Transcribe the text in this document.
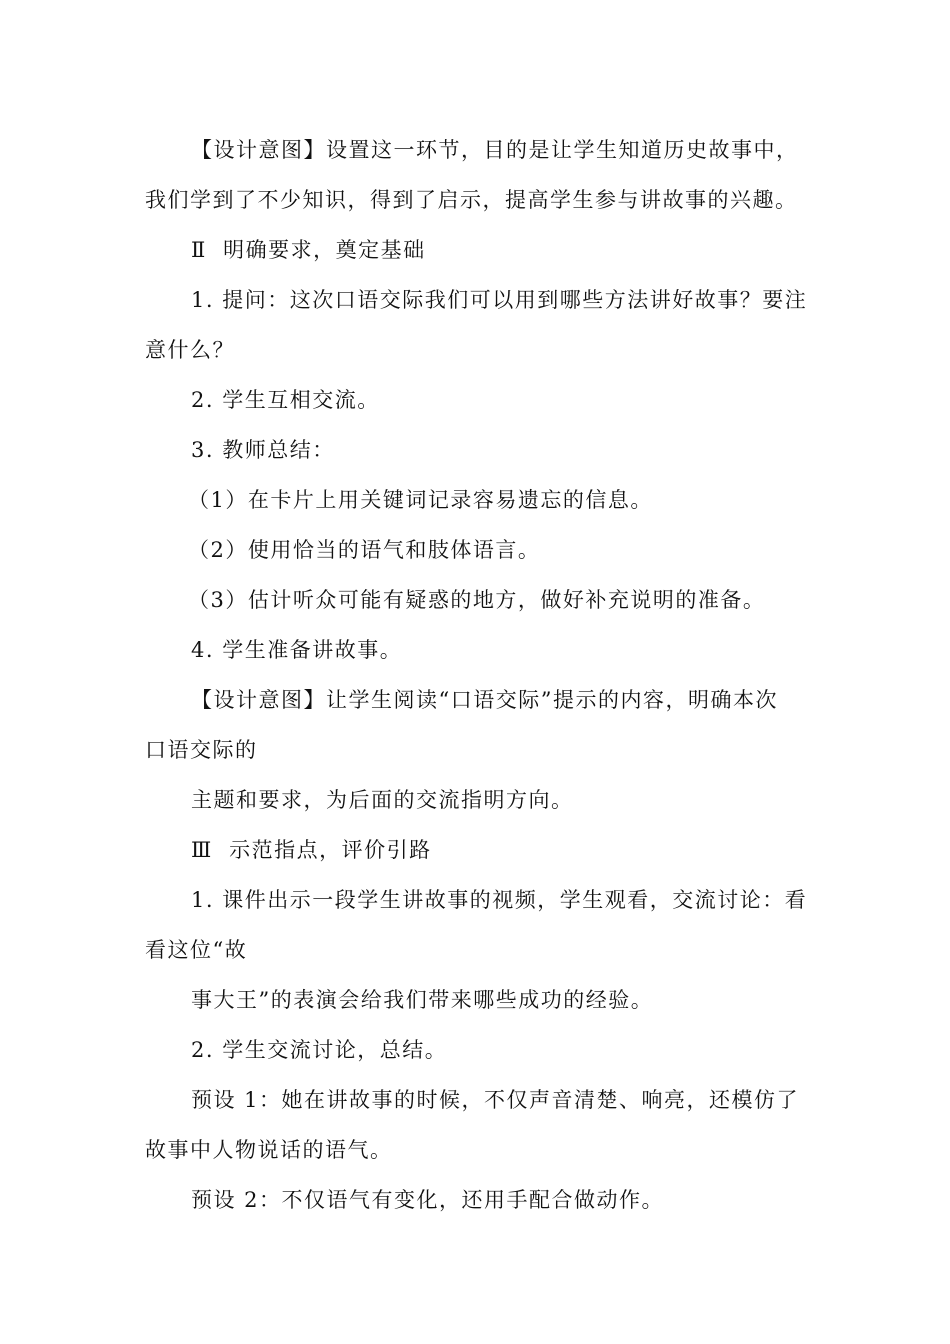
【设计意图】设置这一环节，目的是让学生知道历史故事中，
我们学到了不少知识，得到了启示，提高学生参与讲故事的兴趣。
Ⅱ  明确要求，奠定基础
1. 提问：这次口语交际我们可以用到哪些方法讲好故事？要注
意什么？
2. 学生互相交流。
3. 教师总结：
（1）在卡片上用关键词记录容易遗忘的信息。
（2）使用恰当的语气和肢体语言。
（3）估计听众可能有疑惑的地方，做好补充说明的准备。
4. 学生准备讲故事。
【设计意图】让学生阅读“口语交际”提示的内容，明确本次
口语交际的
主题和要求，为后面的交流指明方向。
Ⅲ  示范指点，评价引路
1. 课件出示一段学生讲故事的视频，学生观看，交流讨论：看
看这位“故
事大王”的表演会给我们带来哪些成功的经验。
2. 学生交流讨论，总结。
预设 1：她在讲故事的时候，不仅声音清楚、响亮，还模仿了
故事中人物说话的语气。
预设 2：不仅语气有变化，还用手配合做动作。
